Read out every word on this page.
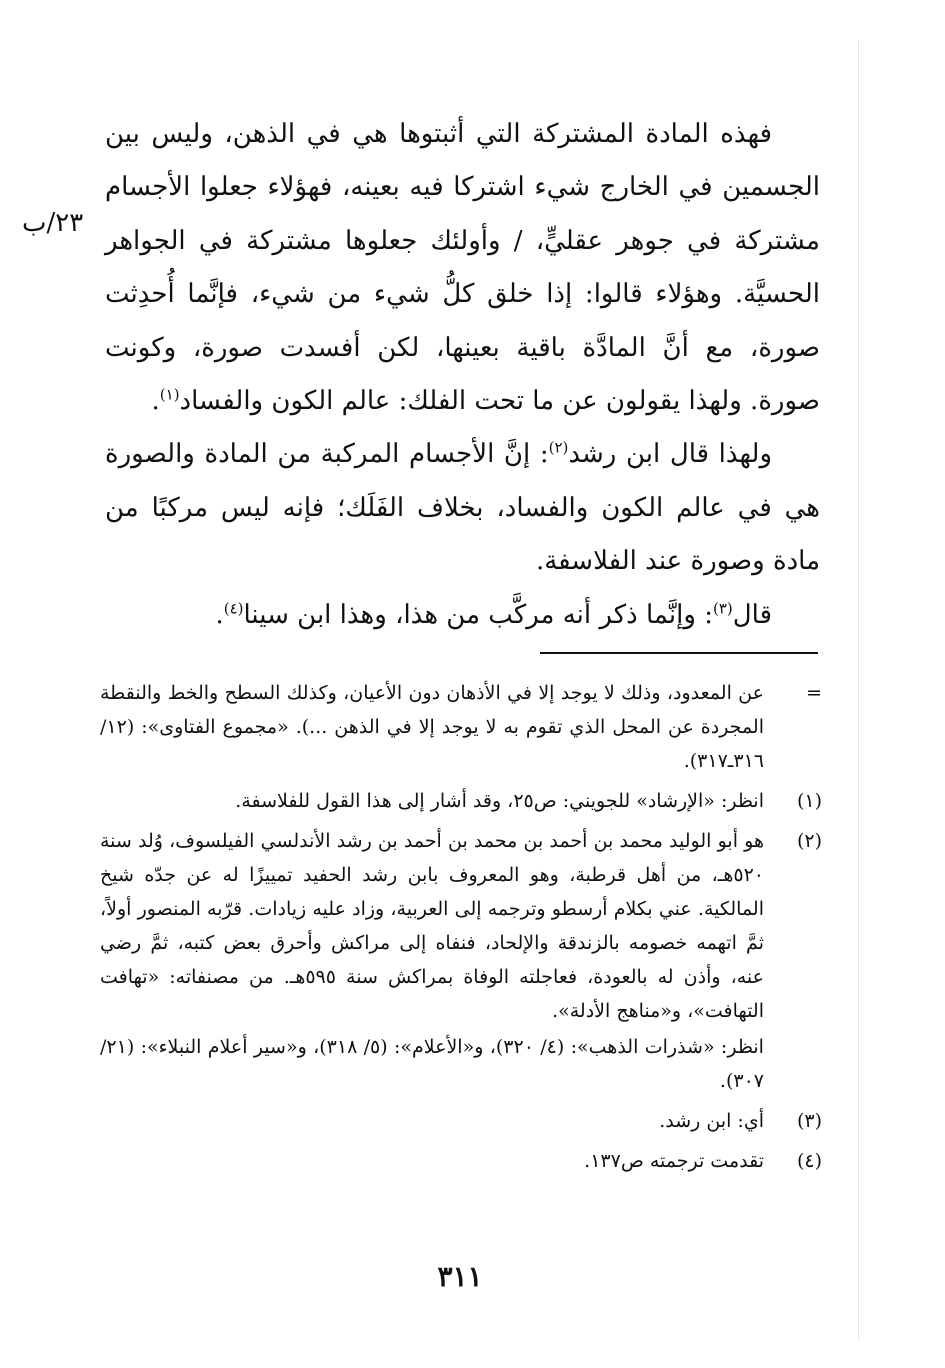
٢٣/ب

فهذه المادة المشتركة التي أثبتوها هي في الذهن، وليس بين الجسمين في الخارج شيء اشتركا فيه بعينه، فهؤلاء جعلوا الأجسام مشتركة في جوهر عقليٍّ، / وأولئك جعلوها مشتركة في الجواهر الحسيَّة. وهؤلاء قالوا: إذا خلق كلُّ شيء من شيء، فإنَّما أُحدِثت صورة، مع أنَّ المادَّة باقية بعينها، لكن أفسدت صورة، وكونت صورة. ولهذا يقولون عن ما تحت الفلك: عالم الكون والفساد$^{(١)}$.

ولهذا قال ابن رشد$^{(٢)}$: إنَّ الأجسام المركبة من المادة والصورة هي في عالم الكون والفساد، بخلاف الفَلَك؛ فإنه ليس مركبًا من مادة وصورة عند الفلاسفة.

قال$^{(٣)}$: وإنَّما ذكر أنه مركَّب من هذا، وهذا ابن سينا$^{(٤)}$.

=
عن المعدود، وذلك لا يوجد إلا في الأذهان دون الأعيان، وكذلك السطح والخط والنقطة المجردة عن المحل الذي تقوم به لا يوجد إلا في الذهن ...). «مجموع الفتاوى»: (١٢/ ٣١٦ـ٣١٧).
(١)
انظر: «الإرشاد» للجويني: ص٢٥، وقد أشار إلى هذا القول للفلاسفة.
(٢)
هو أبو الوليد محمد بن أحمد بن محمد بن أحمد بن رشد الأندلسي الفيلسوف، وُلد سنة ٥٢٠هـ، من أهل قرطبة، وهو المعروف بابن رشد الحفيد تمييزًا له عن جدّه شيخ المالكية. عني بكلام أرسطو وترجمه إلى العربية، وزاد عليه زيادات. قرّبه المنصور أولاً، ثمَّ اتهمه خصومه بالزندقة والإلحاد، فنفاه إلى مراكش وأحرق بعض كتبه، ثمَّ رضي عنه، وأذن له بالعودة، فعاجلته الوفاة بمراكش سنة ٥٩٥هـ. من مصنفاته: «تهافت التهافت»، و«مناهج الأدلة».
انظر: «شذرات الذهب»: (٤/ ٣٢٠)، و«الأعلام»: (٥/ ٣١٨)، و«سير أعلام النبلاء»: (٢١/ ٣٠٧).
(٣)
أي: ابن رشد.
(٤)
تقدمت ترجمته ص١٣٧.
٣١١
